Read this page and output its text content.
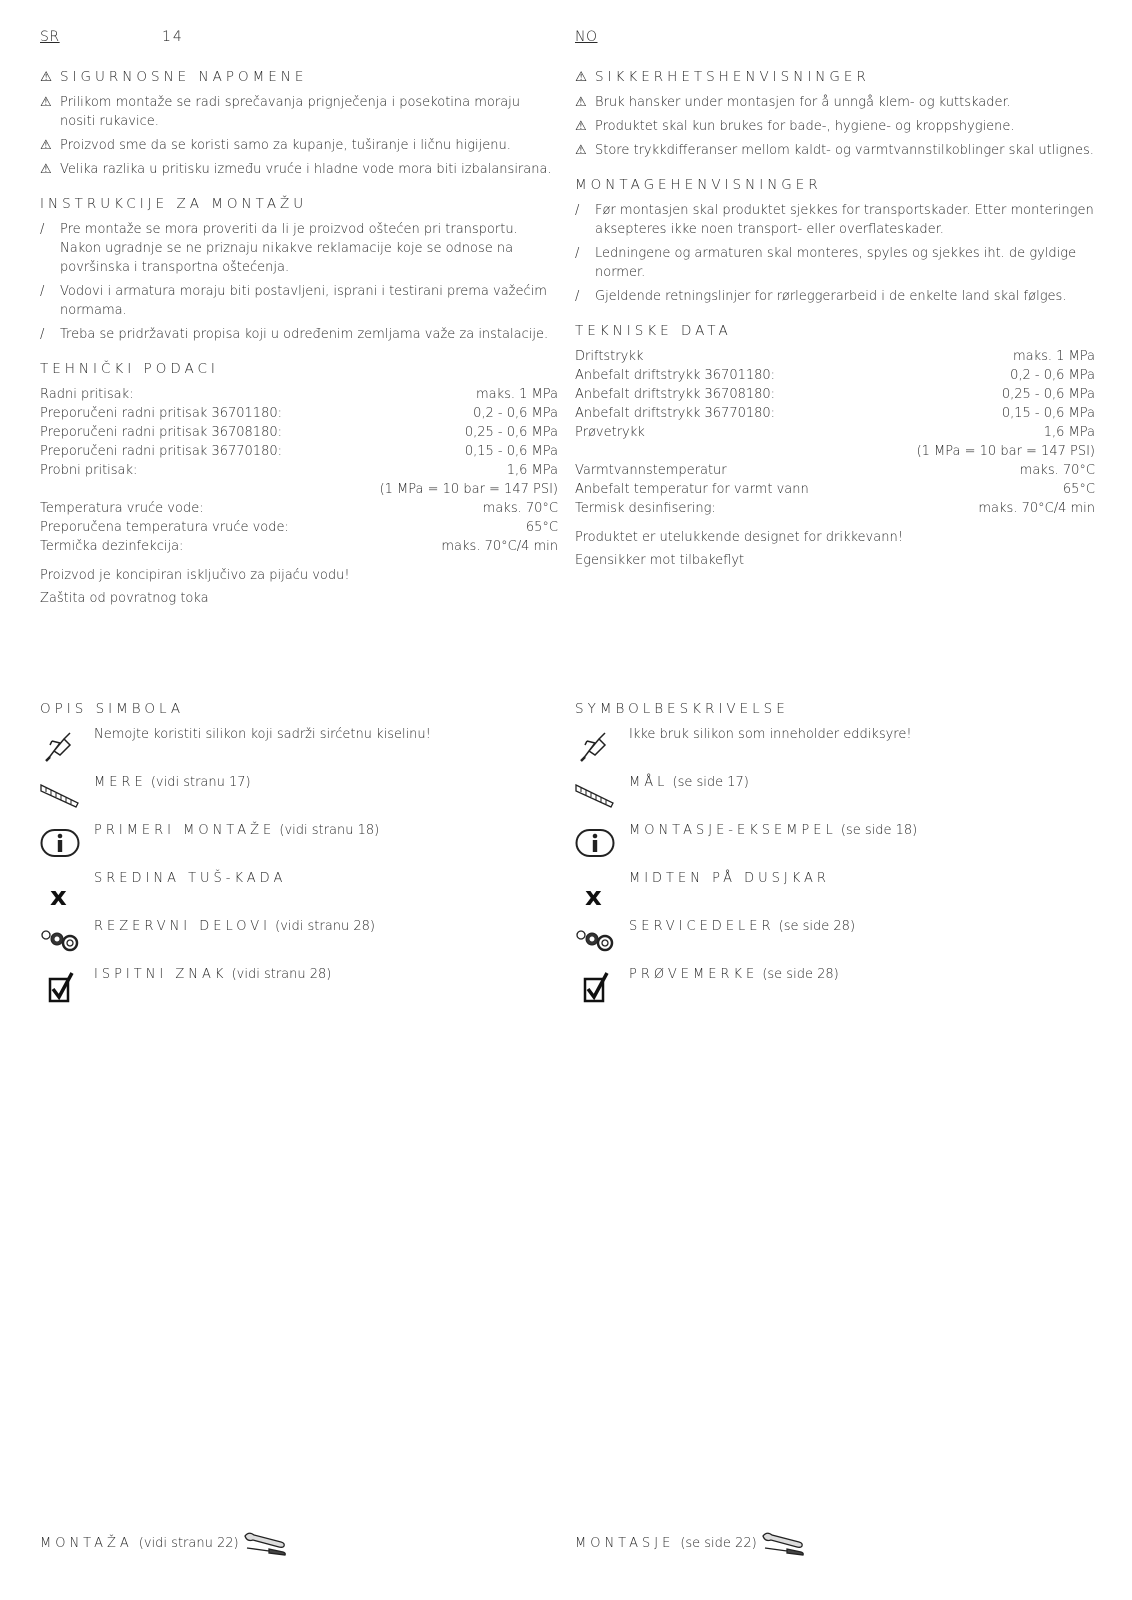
SR	14
⚠ SIGURNOSNE NAPOMENE
⚠ Prilikom montaže se radi sprečavanja prignječenja i posekotina moraju nositi rukavice.
⚠ Proizvod sme da se koristi samo za kupanje, tuširanje i ličnu higijenu.
⚠ Velika razlika u pritisku između vruće i hladne vode mora biti izbalansirana.
INSTRUKCIJE ZA MONTAŽU
/ Pre montaže se mora proveriti da li je proizvod oštećen pri transportu. Nakon ugradnje se ne priznaju nikakve reklamacije koje se odnose na površinska i transportna oštećenja.
/ Vodovi i armatura moraju biti postavljeni, isprani i testirani prema važećim normama.
/ Treba se pridržavati propisa koji u određenim zemljama važe za instalacije.
TEHNIČKI PODACI
Radni pritisak:	maks. 1 MPa
Preporučeni radni pritisak 36701180:	0,2 - 0,6 MPa
Preporučeni radni pritisak 36708180:	0,25 - 0,6 MPa
Preporučeni radni pritisak 36770180:	0,15 - 0,6 MPa
Probni pritisak:	1,6 MPa
(1 MPa = 10 bar = 147 PSI)
Temperatura vruće vode:	maks. 70°C
Preporučena temperatura vruće vode:	65°C
Termička dezinfekcija:	maks. 70°C/4 min
Proizvod je koncipiran isključivo za pijaću vodu!
Zaštita od povratnog toka
NO
⚠ SIKKERHETSHENVISNINGER
⚠ Bruk hansker under montasjen for å unngå klem- og kuttskader.
⚠ Produktet skal kun brukes for bade-, hygiene- og kroppshygiene.
⚠ Store trykkdifferanser mellom kaldt- og varmtvannstilkoblinger skal utlignes.
MONTAGEHENVISNINGER
/ Før montasjen skal produktet sjekkes for transportskader. Etter monteringen aksepteres ikke noen transport- eller overflateskader.
/ Ledningene og armaturen skal monteres, spyles og sjekkes iht. de gyldige normer.
/ Gjeldende retningslinjer for rørleggerarbeid i de enkelte land skal følges.
TEKNISKE DATA
Driftstrykk	maks. 1 MPa
Anbefalt driftstrykk 36701180:	0,2 - 0,6 MPa
Anbefalt driftstrykk 36708180:	0,25 - 0,6 MPa
Anbefalt driftstrykk 36770180:	0,15 - 0,6 MPa
Prøvetrykk	1,6 MPa
(1 MPa = 10 bar = 147 PSI)
Varmtvannstemperatur	maks. 70°C
Anbefalt temperatur for varmt vann	65°C
Termisk desinfisering:	maks. 70°C/4 min
Produktet er utelukkende designet for drikkevann!
Egensikker mot tilbakeflyt
OPIS SIMBOLA
Nemojte koristiti silikon koji sadrži sirćetnu kiselinu!
MERE (vidi stranu 17)
PRIMERI MONTAŽE (vidi stranu 18)
x
SREDINA TUŠ-KADA
REZERVNI DELOVI (vidi stranu 28)
ISPITNI ZNAK (vidi stranu 28)
SYMBOLBESKRIVELSE
Ikke bruk silikon som inneholder eddiksyre!
MÅL (se side 17)
MONTASJE-EKSEMPEL (se side 18)
x
MIDTEN PÅ DUSJKAR
SERVICEDELER (se side 28)
PRØVEMERKE (se side 28)
MONTAŽA (vidi stranu 22)	MONTASJE (se side 22)
